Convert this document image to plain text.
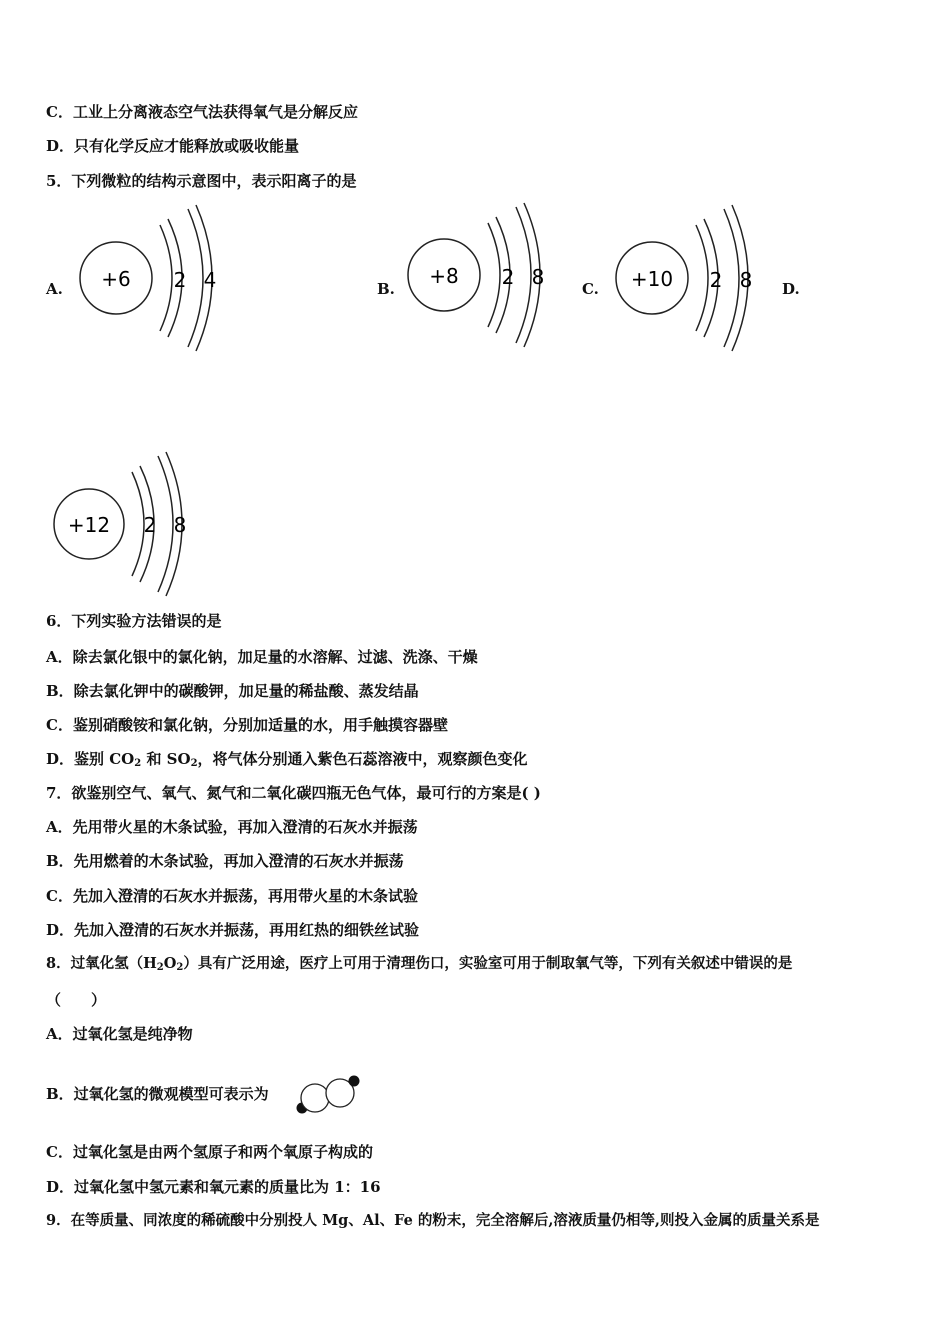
C．工业上分离液态空气法获得氧气是分解反应
D．只有化学反应才能释放或吸收能量
5．下列微粒的结构示意图中，表示阳离子的是
A. +6 2 4	B.
+8 2 8	C. +10 2 8 D.
+12 2 8
6．下列实验方法错误的是
A．除去氯化银中的氯化钠，加足量的水溶解、过滤、洗涤、干燥
B．除去氯化钾中的碳酸钾，加足量的稀盐酸、蒸发结晶
C．鉴别硝酸铵和氯化钠，分别加适量的水，用手触摸容器壁
D．鉴别 $CO_2$ 和 $SO_2$，将气体分别通入紫色石蕊溶液中，观察颜色变化
7．欲鉴别空气、氧气、氮气和二氧化碳四瓶无色气体，最可行的方案是( )
A．先用带火星的木条试验，再加入澄清的石灰水并振荡
B．先用燃着的木条试验，再加入澄清的石灰水并振荡
C．先加入澄清的石灰水并振荡，再用带火星的木条试验
D．先加入澄清的石灰水并振荡，再用红热的细铁丝试验
8．过氧化氢$(H_2O_2)$具有广泛用途，医疗上可用于清理伤口，实验室可用于制取氧气等，下列有关叙述中错误的是
（　　）
A．过氧化氢是纯净物
B．过氧化氢的微观模型可表示为
C．过氧化氢是由两个氢原子和两个氧原子构成的
D．过氧化氢中氢元素和氧元素的质量比为 1：16
9．在等质量、同浓度的稀硫酸中分别投人 Mg、Al、Fe 的粉末，完全溶解后,溶液质量仍相等,则投入金属的质量关系是
